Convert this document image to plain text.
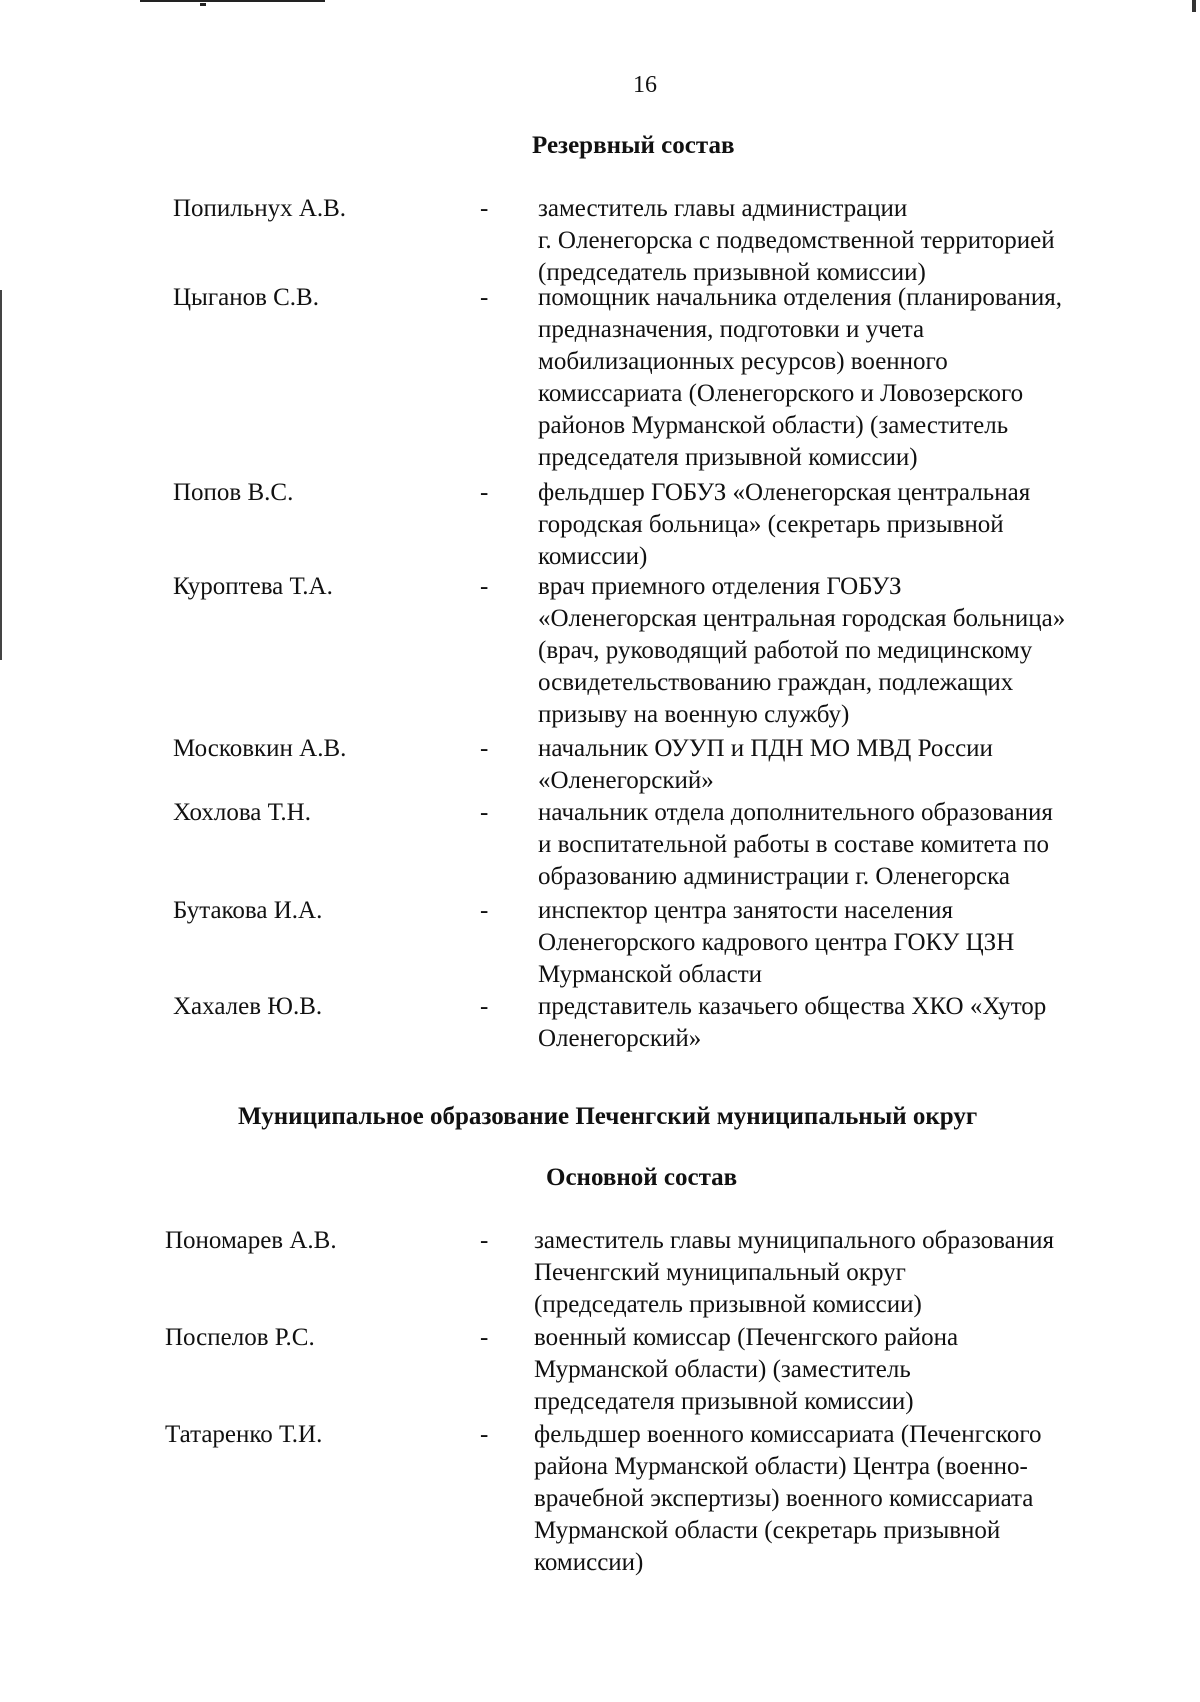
16
Резервный состав
Попильнух А.В.	-	заместитель главы администрации
г. Оленегорска с подведомственной территорией
(председатель призывной комиссии)
Цыганов С.В.	-	помощник начальника отделения (планирования,
предназначения, подготовки и учета
мобилизационных ресурсов) военного
комиссариата (Оленегорского и Ловозерского
районов Мурманской области) (заместитель
председателя призывной комиссии)
Попов В.С.	-	фельдшер ГОБУЗ «Оленегорская центральная
городская больница» (секретарь призывной
комиссии)
Куроптева Т.А.	-	врач приемного отделения ГОБУЗ
«Оленегорская центральная городская больница»
(врач, руководящий работой по медицинскому
освидетельствованию граждан, подлежащих
призыву на военную службу)
Московкин А.В.	-	начальник ОУУП и ПДН МО МВД России
«Оленегорский»
Хохлова Т.Н.	-	начальник отдела дополнительного образования
и воспитательной работы в составе комитета по
образованию администрации г. Оленегорска
Бутакова И.А.	-	инспектор центра занятости населения
Оленегорского кадрового центра ГОКУ ЦЗН
Мурманской области
Хахалев Ю.В.	-	представитель казачьего общества ХКО «Хутор
Оленегорский»
Муниципальное образование Печенгский муниципальный округ
Основной состав
Пономарев А.В.	-	заместитель главы муниципального образования
Печенгский муниципальный округ
(председатель призывной комиссии)
Поспелов Р.С.	-	военный комиссар (Печенгского района
Мурманской области) (заместитель
председателя призывной комиссии)
Татаренко Т.И.	-	фельдшер военного комиссариата (Печенгского
района Мурманской области) Центра (военно-
врачебной экспертизы) военного комиссариата
Мурманской области (секретарь призывной
комиссии)
